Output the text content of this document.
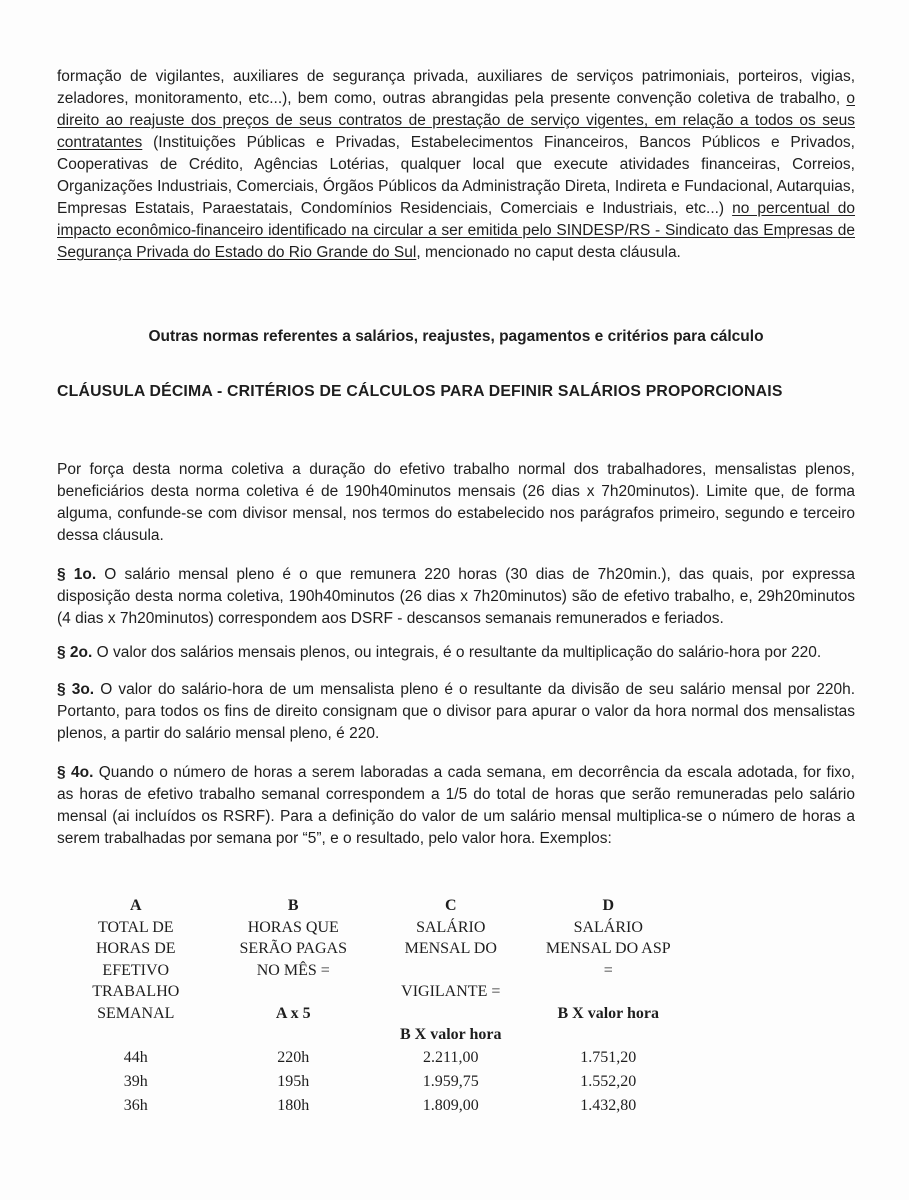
formação de vigilantes, auxiliares de segurança privada, auxiliares de serviços patrimoniais, porteiros, vigias, zeladores, monitoramento, etc...), bem como, outras abrangidas pela presente convenção coletiva de trabalho, o direito ao reajuste dos preços de seus contratos de prestação de serviço vigentes, em relação a todos os seus contratantes (Instituições Públicas e Privadas, Estabelecimentos Financeiros, Bancos Públicos e Privados, Cooperativas de Crédito, Agências Lotérias, qualquer local que execute atividades financeiras, Correios, Organizações Industriais, Comerciais, Órgãos Públicos da Administração Direta, Indireta e Fundacional, Autarquias, Empresas Estatais, Paraestatais, Condomínios Residenciais, Comerciais e Industriais, etc...) no percentual do impacto econômico-financeiro identificado na circular a ser emitida pelo SINDESP/RS - Sindicato das Empresas de Segurança Privada do Estado do Rio Grande do Sul, mencionado no caput desta cláusula.

Outras normas referentes a salários, reajustes, pagamentos e critérios para cálculo

CLÁUSULA DÉCIMA - CRITÉRIOS DE CÁLCULOS PARA DEFINIR SALÁRIOS PROPORCIONAIS

Por força desta norma coletiva a duração do efetivo trabalho normal dos trabalhadores, mensalistas plenos, beneficiários desta norma coletiva é de 190h40minutos mensais (26 dias x 7h20minutos). Limite que, de forma alguma, confunde-se com divisor mensal, nos termos do estabelecido nos parágrafos primeiro, segundo e terceiro dessa cláusula.

§ 1o. O salário mensal pleno é o que remunera 220 horas (30 dias de 7h20min.), das quais, por expressa disposição desta norma coletiva, 190h40minutos (26 dias x 7h20minutos) são de efetivo trabalho, e, 29h20minutos (4 dias x 7h20minutos) correspondem aos DSRF - descansos semanais remunerados e feriados.

§ 2o. O valor dos salários mensais plenos, ou integrais, é o resultante da multiplicação do salário-hora por 220.

§ 3o. O valor do salário-hora de um mensalista pleno é o resultante da divisão de seu salário mensal por 220h. Portanto, para todos os fins de direito consignam que o divisor para apurar o valor da hora normal dos mensalistas plenos, a partir do salário mensal pleno, é 220.

§ 4o. Quando o número de horas a serem laboradas a cada semana, em decorrência da escala adotada, for fixo, as horas de efetivo trabalho semanal correspondem a 1/5 do total de horas que serão remuneradas pelo salário mensal (ai incluídos os RSRF). Para a definição do valor de um salário mensal multiplica-se o número de horas a serem trabalhadas por semana por “5”, e o resultado, pelo valor hora. Exemplos:

A	B	C	D
TOTAL DE	HORAS QUE	SALÁRIO	SALÁRIO
HORAS DE	SERÃO PAGAS	MENSAL DO	MENSAL DO ASP
EFETIVO	NO MÊS =		=
TRABALHO		VIGILANTE =	
SEMANAL	A x 5		B X valor hora
		B X valor hora	
44h	220h	2.211,00	1.751,20
39h	195h	1.959,75	1.552,20
36h	180h	1.809,00	1.432,80
